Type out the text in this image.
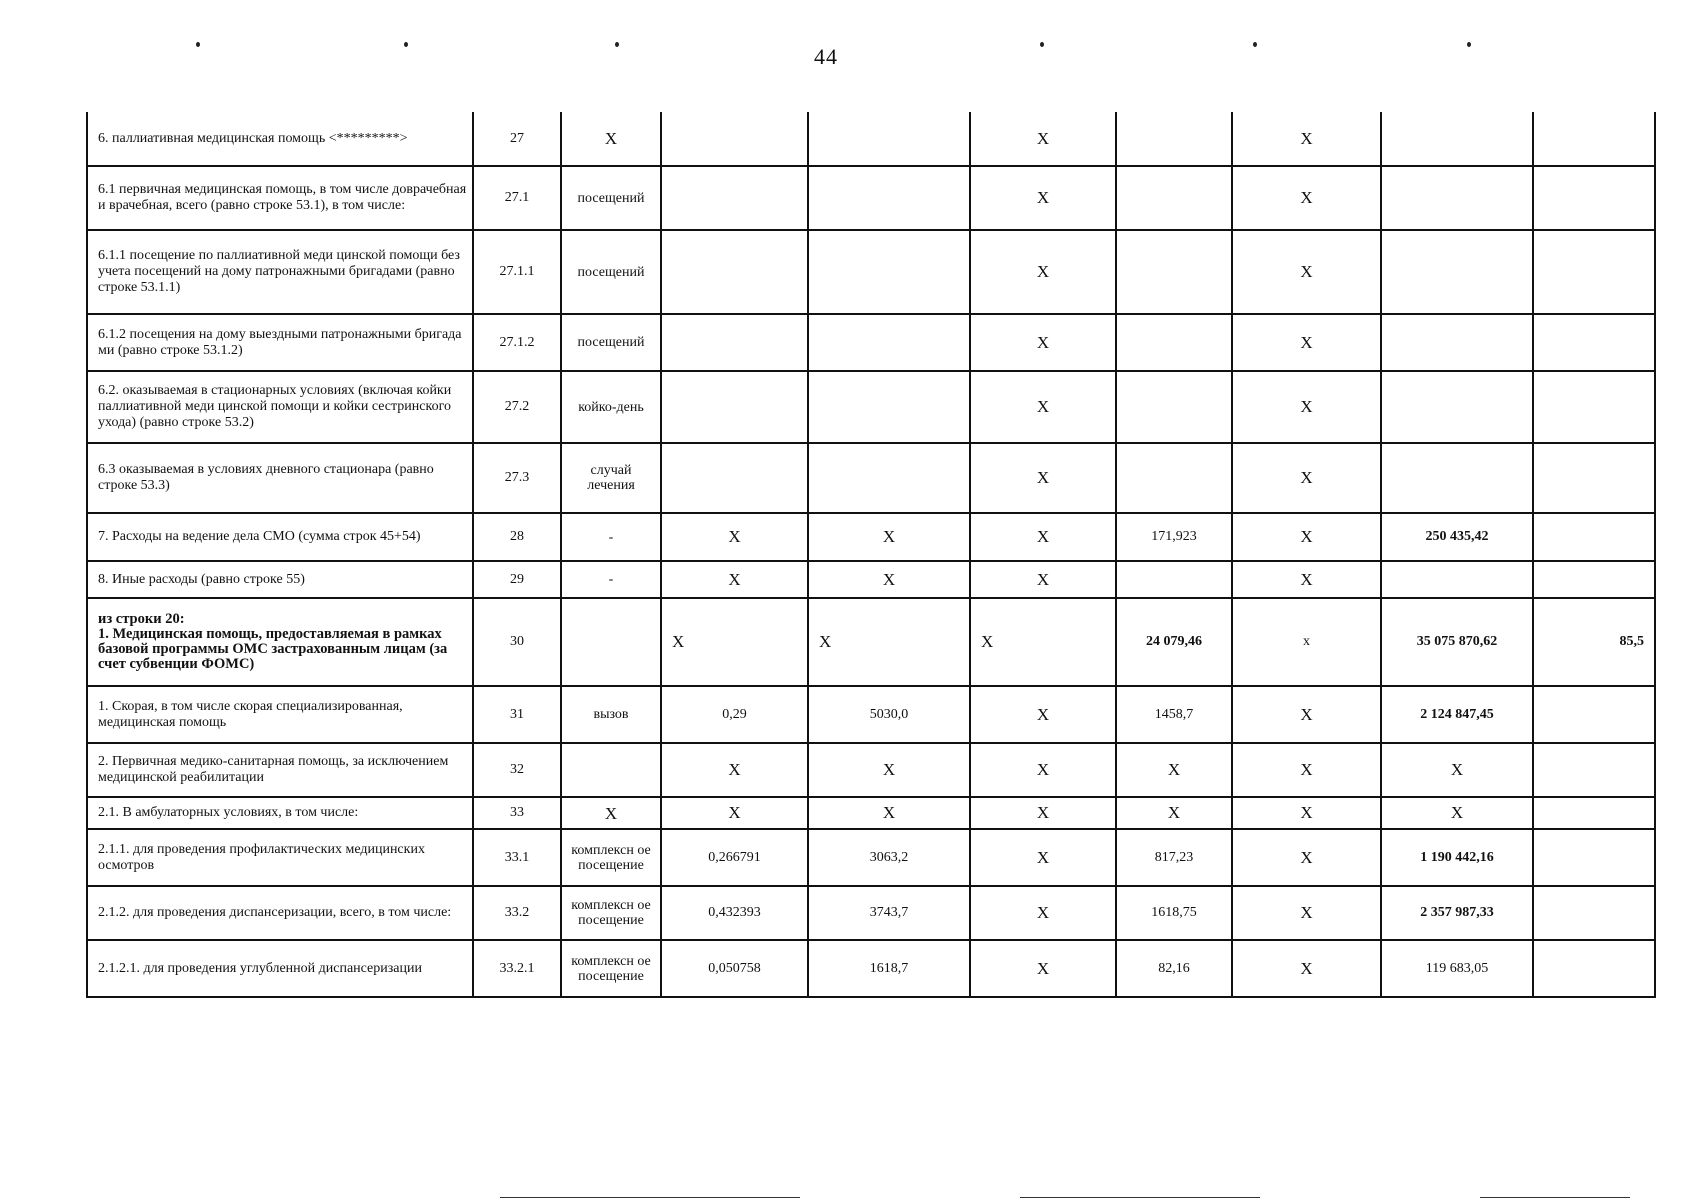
44
6. паллиативная медицинская помощь <*********>	27	X			X		X		
6.1 первичная медицинская помощь, в том числе доврачебная и врачебная, всего (равно строке 53.1), в том числе:	27.1	посещений			X		X		
6.1.1 посещение по паллиативной меди цинской помощи без учета посещений на дому патронажными бригадами (равно строке 53.1.1)	27.1.1	посещений			X		X		
6.1.2 посещения на дому выездными патронажными бригада ми (равно строке 53.1.2)	27.1.2	посещений			X		X		
6.2. оказываемая в стационарных условиях (включая койки паллиативной меди цинской помощи и койки сестринского ухода) (равно строке 53.2)	27.2	койко-день			X		X		
6.3 оказываемая в условиях дневного стационара (равно строке 53.3)	27.3	случай лечения			X		X		
7. Расходы на ведение дела СМО (сумма строк 45+54)	28	-	X	X	X	171,923	X	250 435,42	
8. Иные расходы (равно строке 55)	29	-	X	X	X		X		
из строки 20:
1. Медицинская помощь, предоставляемая в рамках базовой программы ОМС застрахованным лицам (за счет субвенции ФОМС)	30		X	X	X	24 079,46	x	35 075 870,62	85,5
1. Скорая, в том числе скорая специализированная, медицинская помощь	31	вызов	0,29	5030,0	X	1458,7	X	2 124 847,45	
2. Первичная медико-санитарная помощь, за исключением медицинской реабилитации	32		X	X	X	X	X	X	
2.1. В амбулаторных условиях, в том числе:	33	X	X	X	X	X	X	X	
2.1.1. для проведения профилактических медицинских осмотров	33.1	комплексн ое посещение	0,266791	3063,2	X	817,23	X	1 190 442,16	
2.1.2. для проведения диспансеризации, всего, в том числе:	33.2	комплексн ое посещение	0,432393	3743,7	X	1618,75	X	2 357 987,33	
2.1.2.1. для проведения углубленной диспансеризации	33.2.1	комплексн ое посещение	0,050758	1618,7	X	82,16	X	119 683,05	
